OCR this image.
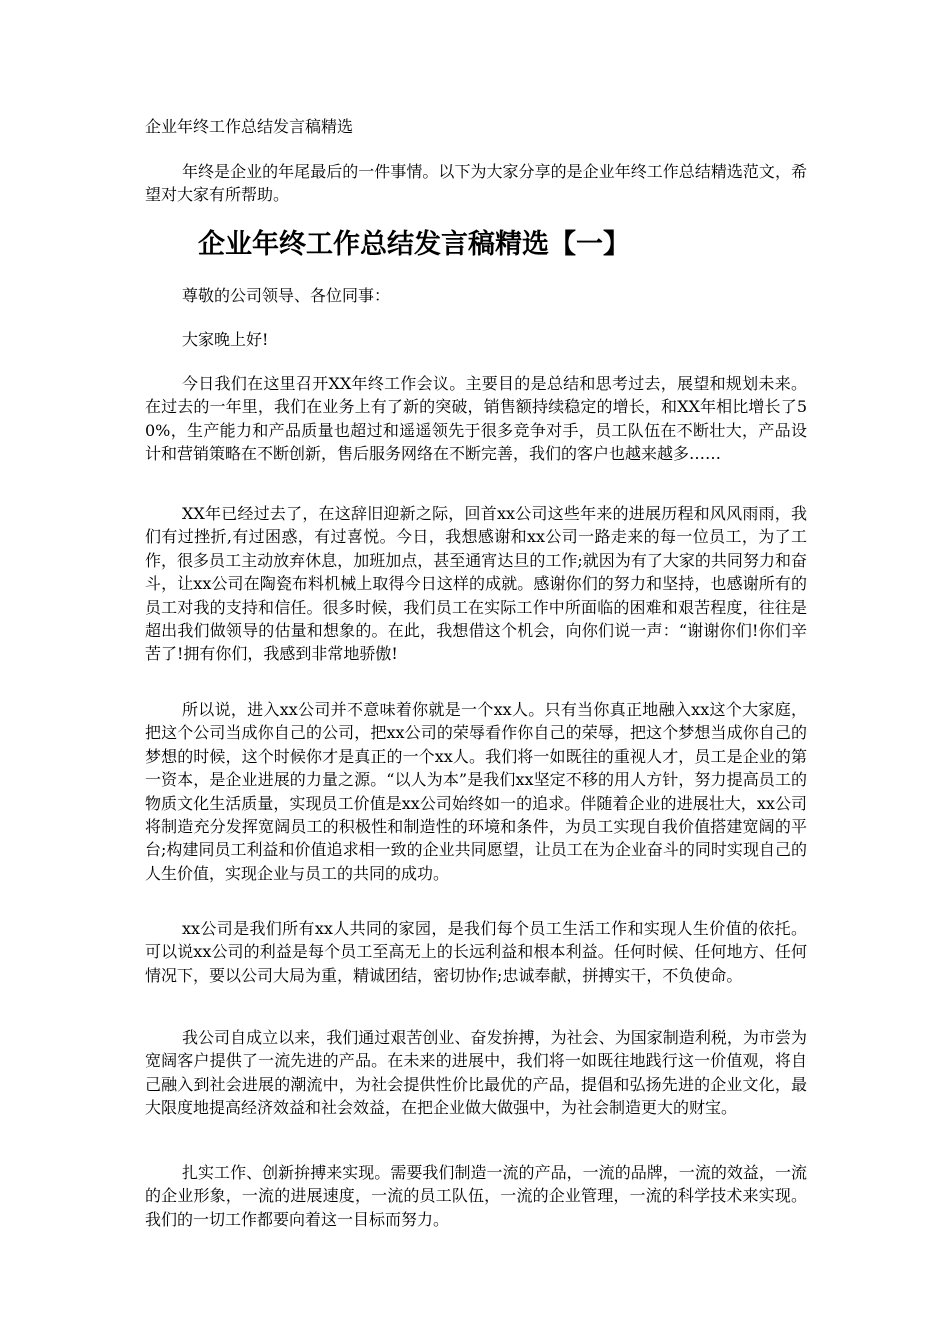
企业年终工作总结发言稿精选

年终是企业的年尾最后的一件事情。以下为大家分享的是企业年终工作总结精选范文，希望对大家有所帮助。

企业年终工作总结发言稿精选【一】

尊敬的公司领导、各位同事：

大家晚上好!

今日我们在这里召开XX年终工作会议。主要目的是总结和思考过去，展望和规划未来。在过去的一年里，我们在业务上有了新的突破，销售额持续稳定的增长，和XX年相比增长了50%，生产能力和产品质量也超过和遥遥领先于很多竞争对手，员工队伍在不断壮大，产品设计和营销策略在不断创新，售后服务网络在不断完善，我们的客户也越来越多……

XX年已经过去了，在这辞旧迎新之际，回首xx公司这些年来的进展历程和风风雨雨，我们有过挫折,有过困惑，有过喜悦。今日，我想感谢和xx公司一路走来的每一位员工，为了工作，很多员工主动放弃休息，加班加点，甚至通宵达旦的工作;就因为有了大家的共同努力和奋斗，让xx公司在陶瓷布料机械上取得今日这样的成就。感谢你们的努力和坚持，也感谢所有的员工对我的支持和信任。很多时候，我们员工在实际工作中所面临的困难和艰苦程度，往往是超出我们做领导的估量和想象的。在此，我想借这个机会，向你们说一声：“谢谢你们!你们辛苦了!拥有你们，我感到非常地骄傲!

所以说，进入xx公司并不意味着你就是一个xx人。只有当你真正地融入xx这个大家庭，把这个公司当成你自己的公司，把xx公司的荣辱看作你自己的荣辱，把这个梦想当成你自己的梦想的时候，这个时候你才是真正的一个xx人。我们将一如既往的重视人才，员工是企业的第一资本，是企业进展的力量之源。“以人为本”是我们xx坚定不移的用人方针，努力提高员工的物质文化生活质量，实现员工价值是xx公司始终如一的追求。伴随着企业的进展壮大，xx公司将制造充分发挥宽阔员工的积极性和制造性的环境和条件，为员工实现自我价值搭建宽阔的平台;构建同员工利益和价值追求相一致的企业共同愿望，让员工在为企业奋斗的同时实现自己的人生价值，实现企业与员工的共同的成功。

xx公司是我们所有xx人共同的家园，是我们每个员工生活工作和实现人生价值的依托。可以说xx公司的利益是每个员工至高无上的长远利益和根本利益。任何时候、任何地方、任何情况下，要以公司大局为重，精诚团结，密切协作;忠诚奉献，拼搏实干，不负使命。

我公司自成立以来，我们通过艰苦创业、奋发拚搏，为社会、为国家制造利税，为市尝为宽阔客户提供了一流先进的产品。在未来的进展中，我们将一如既往地践行这一价值观，将自己融入到社会进展的潮流中，为社会提供性价比最优的产品，提倡和弘扬先进的企业文化，最大限度地提高经济效益和社会效益，在把企业做大做强中，为社会制造更大的财宝。

扎实工作、创新拚搏来实现。需要我们制造一流的产品，一流的品牌，一流的效益，一流的企业形象，一流的进展速度，一流的员工队伍，一流的企业管理，一流的科学技术来实现。我们的一切工作都要向着这一目标而努力。
